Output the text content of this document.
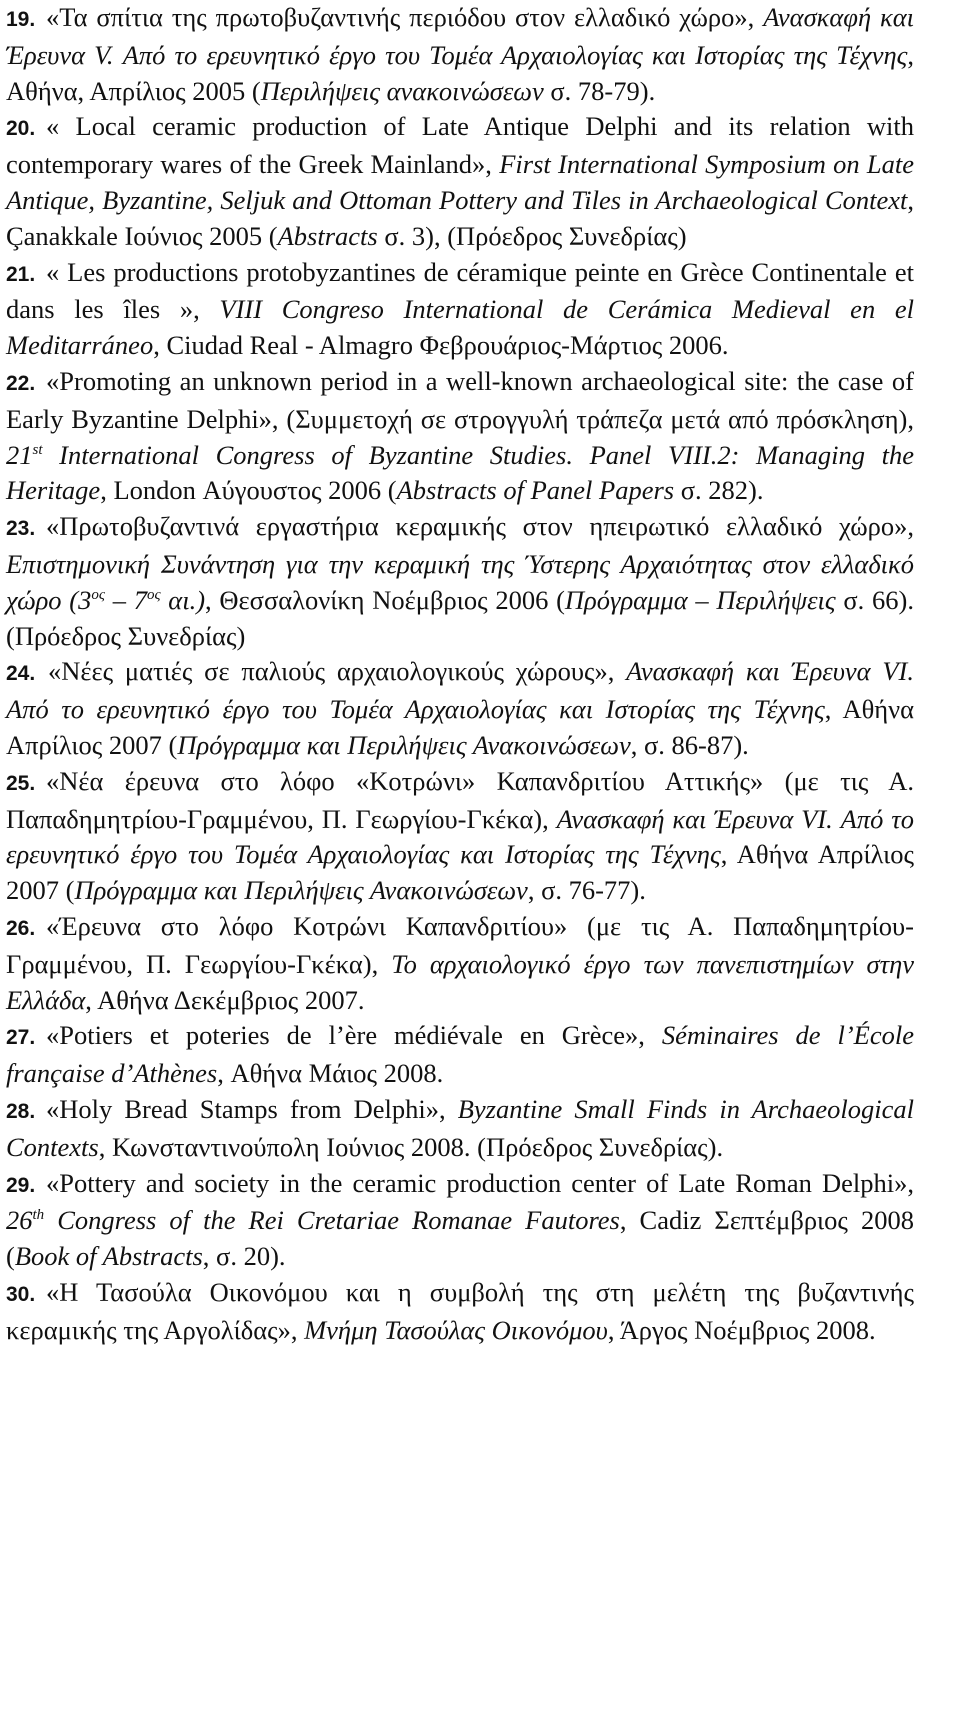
19. «Τα σπίτια της πρωτοβυζαντινής περιόδου στον ελλαδικό χώρο», Ανασκαφή και Έρευνα V. Από το ερευνητικό έργο του Τομέα Αρχαιολογίας και Ιστορίας της Τέχνης, Αθήνα, Απρίλιος 2005 (Περιλήψεις ανακοινώσεων σ. 78-79).

20. « Local ceramic production of Late Antique Delphi and its relation with contemporary wares of the Greek Mainland», First International Symposium on Late Antique, Byzantine, Seljuk and Ottoman Pottery and Tiles in Archaeological Context, Çanakkale Ιούνιος 2005 (Abstracts σ. 3), (Πρόεδρος Συνεδρίας)

21. « Les productions protobyzantines de céramique peinte en Grèce Continentale et dans les îles », VIII Congreso International de Cerámica Medieval en el Meditarráneo, Ciudad Real - Almagro Φεβρουάριος-Μάρτιος 2006.

22. «Promoting an unknown period in a well-known archaeological site: the case of Early Byzantine Delphi», (Συμμετοχή σε στρογγυλή τράπεζα μετά από πρόσκληση), 21st International Congress of Byzantine Studies. Panel VIII.2: Managing the Heritage, London Αύγουστος 2006 (Abstracts of Panel Papers σ. 282).

23. «Πρωτοβυζαντινά εργαστήρια κεραμικής στον ηπειρωτικό ελλαδικό χώρο», Επιστημονική Συνάντηση για την κεραμική της Ύστερης Αρχαιότητας στον ελλαδικό χώρο ($3^{o\varsigma} - 7^{o\varsigma}$ αι.), Θεσσαλονίκη Νοέμβριος 2006 (Πρόγραμμα – Περιλήψεις σ. 66). (Πρόεδρος Συνεδρίας)

24. «Νέες ματιές σε παλιούς αρχαιολογικούς χώρους», Ανασκαφή και Έρευνα VI. Από το ερευνητικό έργο του Τομέα Αρχαιολογίας και Ιστορίας της Τέχνης, Αθήνα Απρίλιος 2007 (Πρόγραμμα και Περιλήψεις Ανακοινώσεων, σ. 86-87).

25. «Νέα έρευνα στο λόφο «Κοτρώνι» Καπανδριτίου Αττικής» (με τις Α. Παπαδημητρίου-Γραμμένου, Π. Γεωργίου-Γκέκα), Ανασκαφή και Έρευνα VI. Από το ερευνητικό έργο του Τομέα Αρχαιολογίας και Ιστορίας της Τέχνης, Αθήνα Απρίλιος 2007 (Πρόγραμμα και Περιλήψεις Ανακοινώσεων, σ. 76-77).

26. «Έρευνα στο λόφο Κοτρώνι Καπανδριτίου» (με τις Α. Παπαδημητρίου-Γραμμένου, Π. Γεωργίου-Γκέκα), Το αρχαιολογικό έργο των πανεπιστημίων στην Ελλάδα, Αθήνα Δεκέμβριος 2007.

27. «Potiers et poteries de l’ère médiévale en Grèce», Séminaires de l’École française d’Athènes, Αθήνα Μάιος 2008.

28. «Holy Bread Stamps from Delphi», Byzantine Small Finds in Archaeological Contexts, Κωνσταντινούπολη Ιούνιος 2008. (Πρόεδρος Συνεδρίας).

29. «Pottery and society in the ceramic production center of Late Roman Delphi», 26th Congress of the Rei Cretariae Romanae Fautores, Cadiz Σεπτέμβριος 2008 (Book of Abstracts, σ. 20).

30. «Η Τασούλα Οικονόμου και η συμβολή της στη μελέτη της βυζαντινής κεραμικής της Αργολίδας», Μνήμη Τασούλας Οικονόμου, Άργος Νοέμβριος 2008.
